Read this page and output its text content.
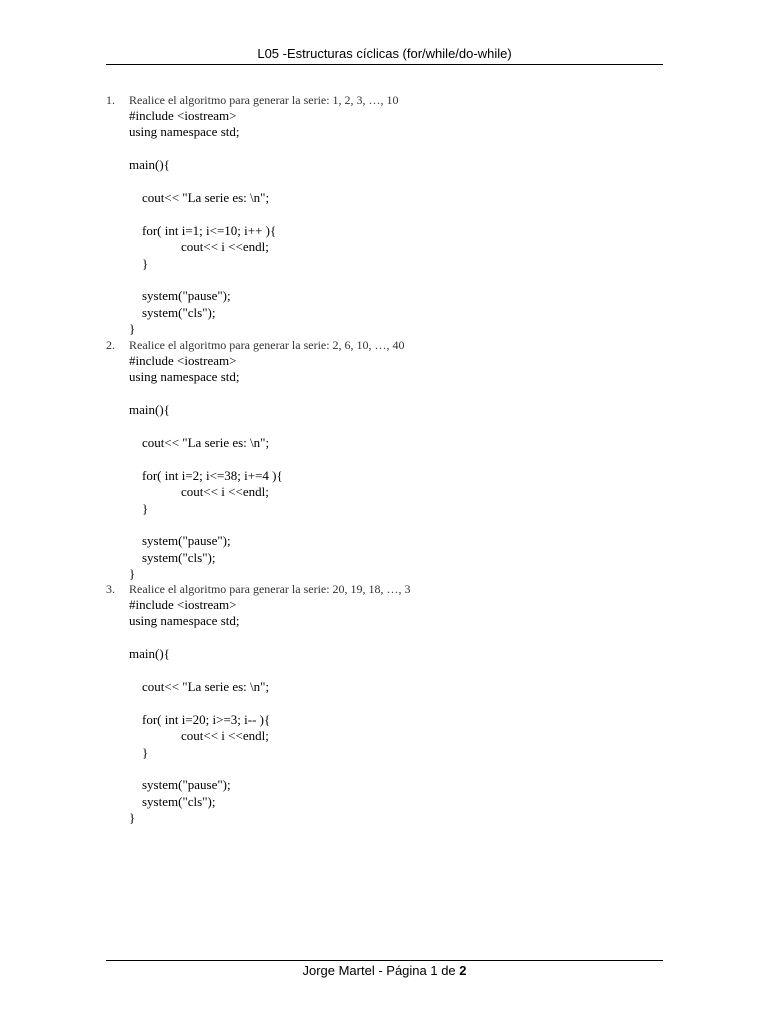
L05 -Estructuras cíclicas (for/while/do-while)
1. Realice el algoritmo para generar la serie: 1, 2, 3, …, 10
#include <iostream>
using namespace std;
main(){
cout<< "La serie es: \n";
for( int i=1; i<=10; i++ ){
cout<< i <<endl;
}
system("pause");
system("cls");
}
2. Realice el algoritmo para generar la serie: 2, 6, 10, …, 40
#include <iostream>
using namespace std;
main(){
cout<< "La serie es: \n";
for( int i=2; i<=38; i+=4 ){
cout<< i <<endl;
}
system("pause");
system("cls");
}
3. Realice el algoritmo para generar la serie: 20, 19, 18, …, 3
#include <iostream>
using namespace std;
main(){
cout<< "La serie es: \n";
for( int i=20; i>=3; i-- ){
cout<< i <<endl;
}
system("pause");
system("cls");
}
Jorge Martel - Página 1 de 2
